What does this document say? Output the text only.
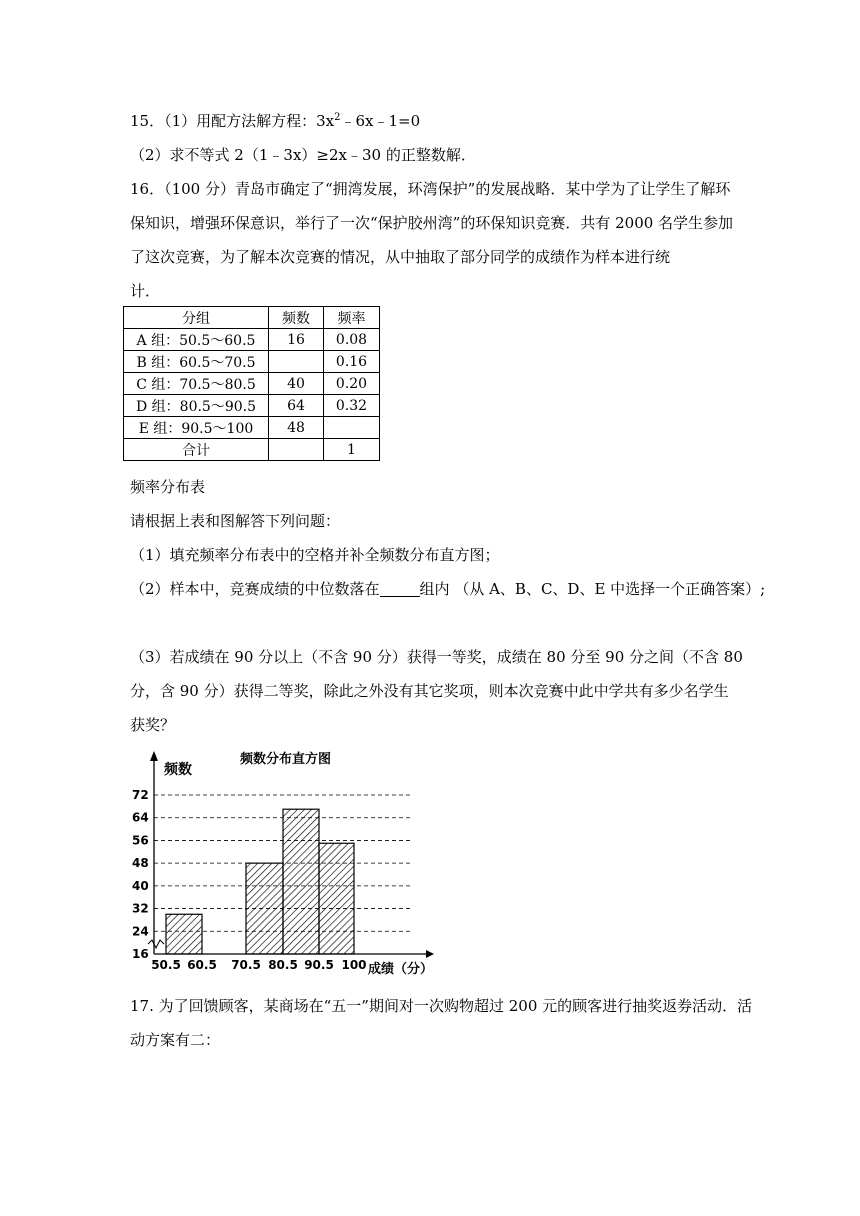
15．（1）用配方法解方程：$3x^2﹣6x﹣1=0$
（2）求不等式 2（1﹣3x）≥2x﹣30 的正整数解．
16．（100 分）青岛市确定了“拥湾发展，环湾保护”的发展战略．某中学为了让学生了解环
保知识，增强环保意识，举行了一次“保护胶州湾”的环保知识竞赛．共有 2000 名学生参加
了这次竞赛，为了解本次竞赛的情况，从中抽取了部分同学的成绩作为样本进行统
计．
分组	频数	频率
A 组：50.5～60.5	16	0.08
B 组：60.5～70.5		0.16
C 组：70.5～80.5	40	0.20
D 组：80.5～90.5	64	0.32
E 组：90.5～100	48	
合计		1
频率分布表
请根据上表和图解答下列问题：
（1）填充频率分布表中的空格并补全频数分布直方图；
（2）样本中，竞赛成绩的中位数落在	组内 （从 A、B、C、D、E 中选择一个正确答案）;
（3）若成绩在 90 分以上（不含 90 分）获得一等奖，成绩在 80 分至 90 分之间（不含 80
分，含 90 分）获得二等奖，除此之外没有其它奖项，则本次竞赛中此中学共有多少名学生
获奖？
16
24
32
40
48
56
64
72
50.5 60.5 70.5 80.5 90.5 100
频数分布直方图
频数
成绩（分）
17. 为了回馈顾客，某商场在“五一”期间对一次购物超过 200 元的顾客进行抽奖返券活动．活
动方案有二：
